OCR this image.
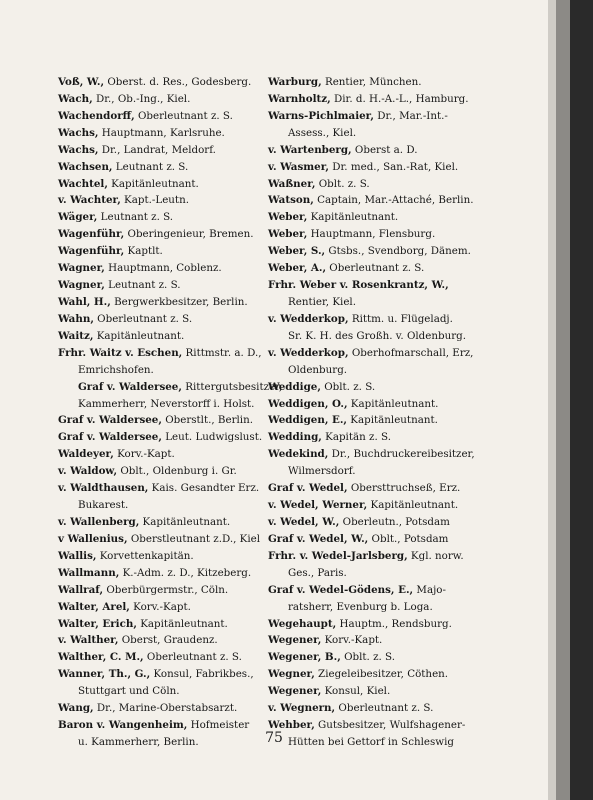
Voß, W., Oberst. d. Res., Godesberg.
Wach, Dr., Ob.-Ing., Kiel.
Wachendorff, Oberleutnant z. S.
Wachs, Hauptmann, Karlsruhe.
Wachs, Dr., Landrat, Meldorf.
Wachsen, Leutnant z. S.
Wachtel, Kapitänleutnant.
v. Wachter, Kapt.-Leutn.
Wäger, Leutnant z. S.
Wagenführ, Oberingenieur, Bremen.
Wagenführ, Kaptlt.
Wagner, Hauptmann, Coblenz.
Wagner, Leutnant z. S.
Wahl, H., Bergwerkbesitzer, Berlin.
Wahn, Oberleutnant z. S.
Waitz, Kapitänleutnant.
Frhr. Waitz v. Eschen, Rittmstr. a. D.,
Emrichshofen.
Graf v. Waldersee, Rittergutsbesitzer,
Kammerherr, Neverstorff i. Holst.
Graf v. Waldersee, Oberstlt., Berlin.
Graf v. Waldersee, Leut. Ludwigslust.
Waldeyer, Korv.-Kapt.
v. Waldow, Oblt., Oldenburg i. Gr.
v. Waldthausen, Kais. Gesandter Erz.
Bukarest.
v. Wallenberg, Kapitänleutnant.
v Wallenius, Oberstleutnant z.D., Kiel
Wallis, Korvettenkapitän.
Wallmann, K.-Adm. z. D., Kitzeberg.
Wallraf, Oberbürgermstr., Cöln.
Walter, Arel, Korv.-Kapt.
Walter, Erich, Kapitänleutnant.
v. Walther, Oberst, Graudenz.
Walther, C. M., Oberleutnant z. S.
Wanner, Th., G., Konsul, Fabrikbes.,
Stuttgart und Cöln.
Wang, Dr., Marine-Oberstabsarzt.
Baron v. Wangenheim, Hofmeister
u. Kammerherr, Berlin.
Warburg, Rentier, München.
Warnholtz, Dir. d. H.-A.-L., Hamburg.
Warns-Pichlmaier, Dr., Mar.-Int.-
Assess., Kiel.
v. Wartenberg, Oberst a. D.
v. Wasmer, Dr. med., San.-Rat, Kiel.
Waßner, Oblt. z. S.
Watson, Captain, Mar.-Attaché, Berlin.
Weber, Kapitänleutnant.
Weber, Hauptmann, Flensburg.
Weber, S., Gtsbs., Svendborg, Dänem.
Weber, A., Oberleutnant z. S.
Frhr. Weber v. Rosenkrantz, W.,
Rentier, Kiel.
v. Wedderkop, Rittm. u. Flügeladj.
Sr. K. H. des Großh. v. Oldenburg.
v. Wedderkop, Oberhofmarschall, Erz,
Oldenburg.
Weddige, Oblt. z. S.
Weddigen, O., Kapitänleutnant.
Weddigen, E., Kapitänleutnant.
Wedding, Kapitän z. S.
Wedekind, Dr., Buchdruckereibesitzer,
Wilmersdorf.
Graf v. Wedel, Obersttruchseß, Erz.
v. Wedel, Werner, Kapitänleutnant.
v. Wedel, W., Oberleutn., Potsdam
Graf v. Wedel, W., Oblt., Potsdam
Frhr. v. Wedel-Jarlsberg, Kgl. norw.
Ges., Paris.
Graf v. Wedel-Gödens, E., Majo-
ratsherr, Evenburg b. Loga.
Wegehaupt, Hauptm., Rendsburg.
Wegener, Korv.-Kapt.
Wegener, B., Oblt. z. S.
Wegner, Ziegeleibesitzer, Cöthen.
Wegener, Konsul, Kiel.
v. Wegnern, Oberleutnant z. S.
Wehber, Gutsbesitzer, Wulfshagener-
Hütten bei Gettorf in Schleswig
75
